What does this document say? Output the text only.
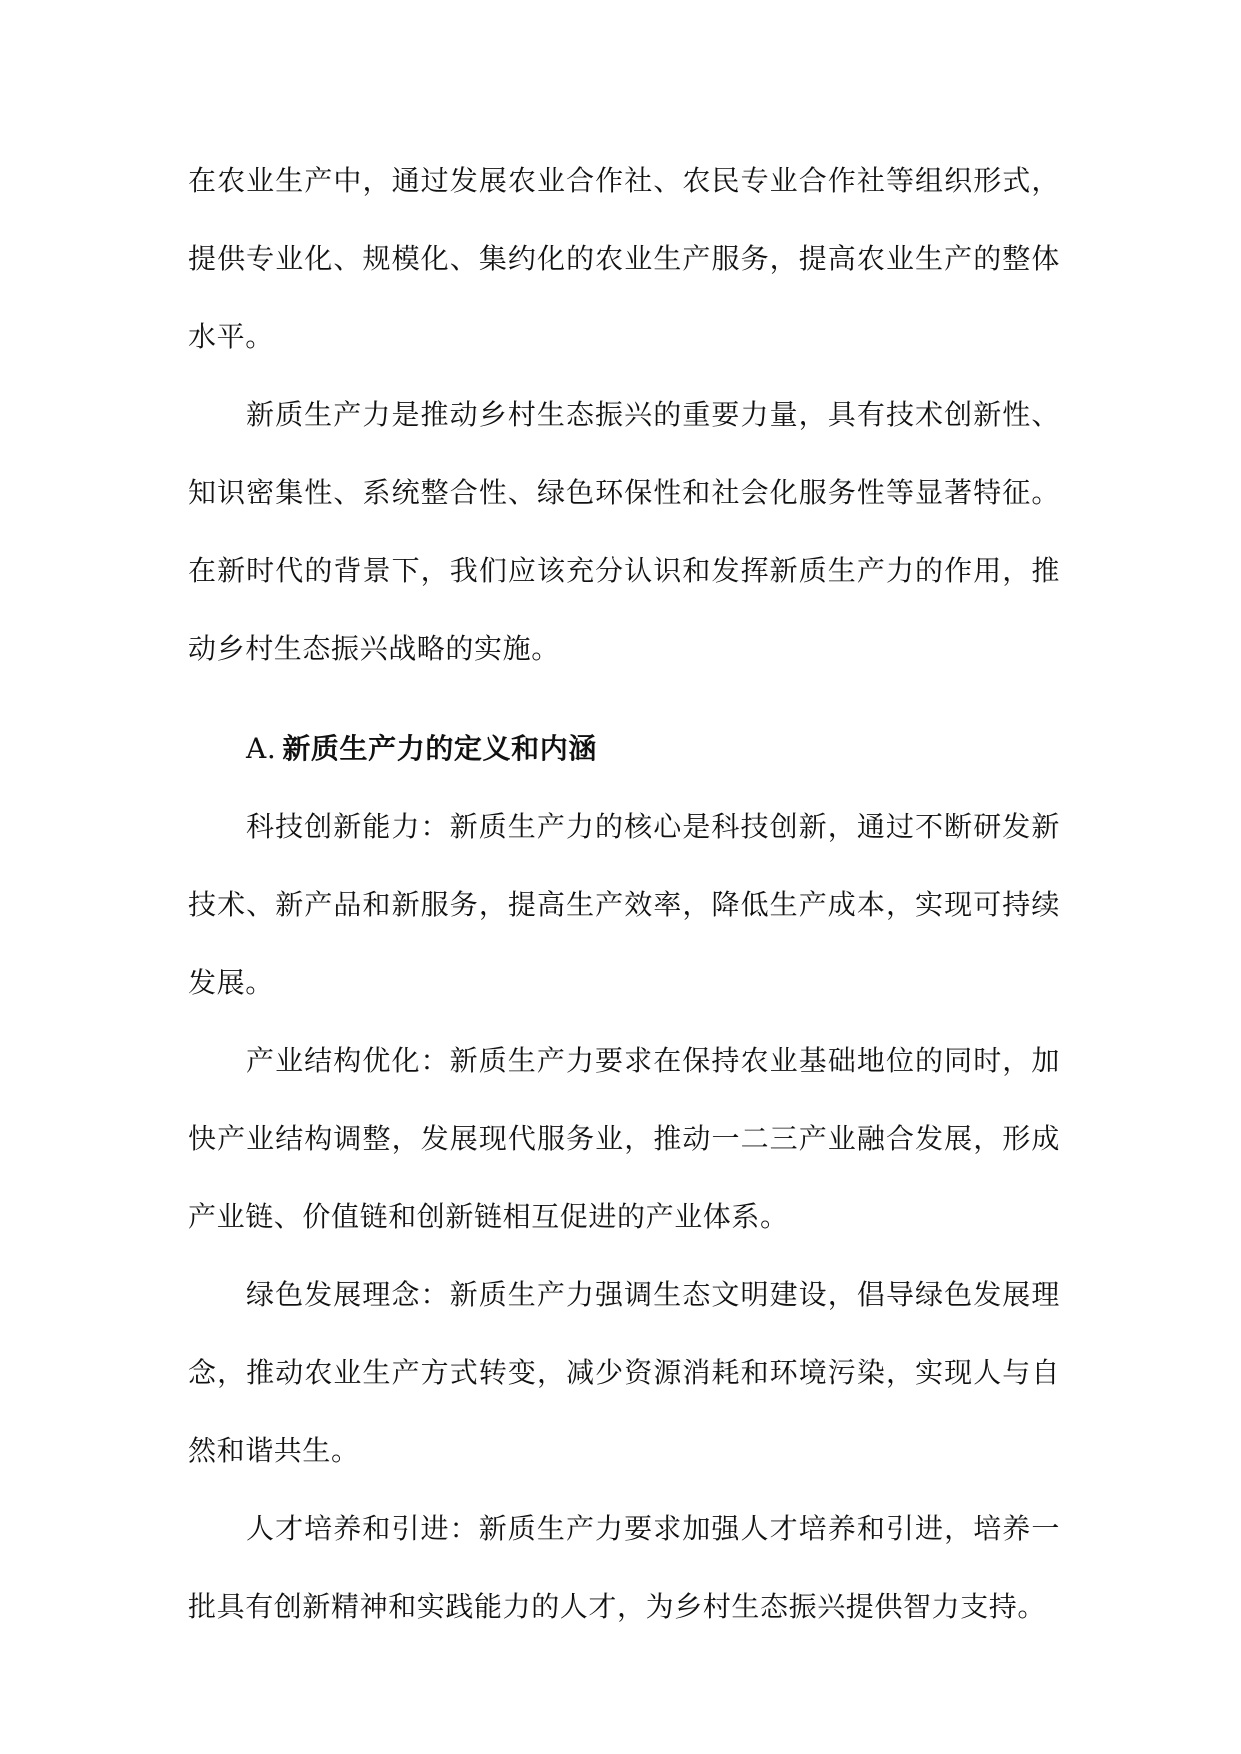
在农业生产中，通过发展农业合作社、农民专业合作社等组织形式，提供专业化、规模化、集约化的农业生产服务，提高农业生产的整体水平。

新质生产力是推动乡村生态振兴的重要力量，具有技术创新性、知识密集性、系统整合性、绿色环保性和社会化服务性等显著特征。在新时代的背景下，我们应该充分认识和发挥新质生产力的作用，推动乡村生态振兴战略的实施。

A. 新质生产力的定义和内涵

科技创新能力：新质生产力的核心是科技创新，通过不断研发新技术、新产品和新服务，提高生产效率，降低生产成本，实现可持续发展。

产业结构优化：新质生产力要求在保持农业基础地位的同时，加快产业结构调整，发展现代服务业，推动一二三产业融合发展，形成产业链、价值链和创新链相互促进的产业体系。

绿色发展理念：新质生产力强调生态文明建设，倡导绿色发展理念，推动农业生产方式转变，减少资源消耗和环境污染，实现人与自然和谐共生。

人才培养和引进：新质生产力要求加强人才培养和引进，培养一批具有创新精神和实践能力的人才，为乡村生态振兴提供智力支持。
